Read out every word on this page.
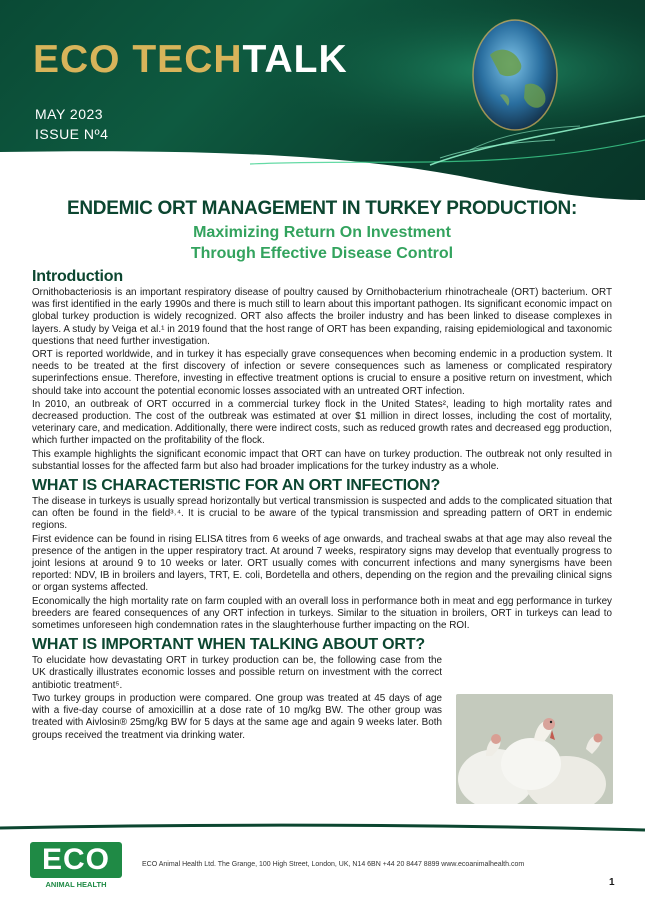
ECO TECHTALK
MAY 2023
ISSUE Nº4
ENDEMIC ORT MANAGEMENT IN TURKEY PRODUCTION:
Maximizing Return On Investment
Through Effective Disease Control
Introduction

Ornithobacteriosis is an important respiratory disease of poultry caused by Ornithobacterium rhinotracheale (ORT) bacterium. ORT was first identified in the early 1990s and there is much still to learn about this important pathogen. Its significant economic impact on global turkey production is widely recognized. ORT also affects the broiler industry and has been linked to disease complexes in layers. A study by Veiga et al.¹ in 2019 found that the host range of ORT has been expanding, raising epidemiological and taxonomic questions that need further investigation.

ORT is reported worldwide, and in turkey it has especially grave consequences when becoming endemic in a production system. It needs to be treated at the first discovery of infection or severe consequences such as lameness or complicated respiratory superinfections ensue. Therefore, investing in effective treatment options is crucial to ensure a positive return on investment, which should take into account the potential economic losses associated with an untreated ORT infection.

In 2010, an outbreak of ORT occurred in a commercial turkey flock in the United States², leading to high mortality rates and decreased production. The cost of the outbreak was estimated at over $1 million in direct losses, including the cost of mortality, veterinary care, and medication. Additionally, there were indirect costs, such as reduced growth rates and decreased egg production, which further impacted on the profitability of the flock.

This example highlights the significant economic impact that ORT can have on turkey production. The outbreak not only resulted in substantial losses for the affected farm but also had broader implications for the turkey industry as a whole.

WHAT IS CHARACTERISTIC FOR AN ORT INFECTION?

The disease in turkeys is usually spread horizontally but vertical transmission is suspected and adds to the complicated situation that can often be found in the field³˒⁴. It is crucial to be aware of the typical transmission and spreading pattern of ORT in endemic regions.

First evidence can be found in rising ELISA titres from 6 weeks of age onwards, and tracheal swabs at that age may also reveal the presence of the antigen in the upper respiratory tract. At around 7 weeks, respiratory signs may develop that eventually progress to joint lesions at around 9 to 10 weeks or later. ORT usually comes with concurrent infections and many synergisms have been reported: NDV, IB in broilers and layers, TRT, E. coli, Bordetella and others, depending on the region and the prevailing clinical signs or organ systems affected.

Economically the high mortality rate on farm coupled with an overall loss in performance both in meat and egg performance in turkey breeders are feared consequences of any ORT infection in turkeys. Similar to the situation in broilers, ORT in turkeys can lead to sometimes unforeseen high condemnation rates in the slaughterhouse further impacting on the ROI.

WHAT IS IMPORTANT WHEN TALKING ABOUT ORT?

To elucidate how devastating ORT in turkey production can be, the following case from the UK drastically illustrates economic losses and possible return on investment with the correct antibiotic treatment⁵.

Two turkey groups in production were compared. One group was treated at 45 days of age with a five-day course of amoxicillin at a dose rate of 10 mg/kg BW. The other group was treated with Aivlosin® 25mg/kg BW for 5 days at the same age and again 9 weeks later. Both groups received the treatment via drinking water.

ECO
ANIMAL HEALTH
ECO Animal Health Ltd. The Grange, 100 High Street, London, UK, N14 6BN +44 20 8447 8899 www.ecoanimalhealth.com
1
